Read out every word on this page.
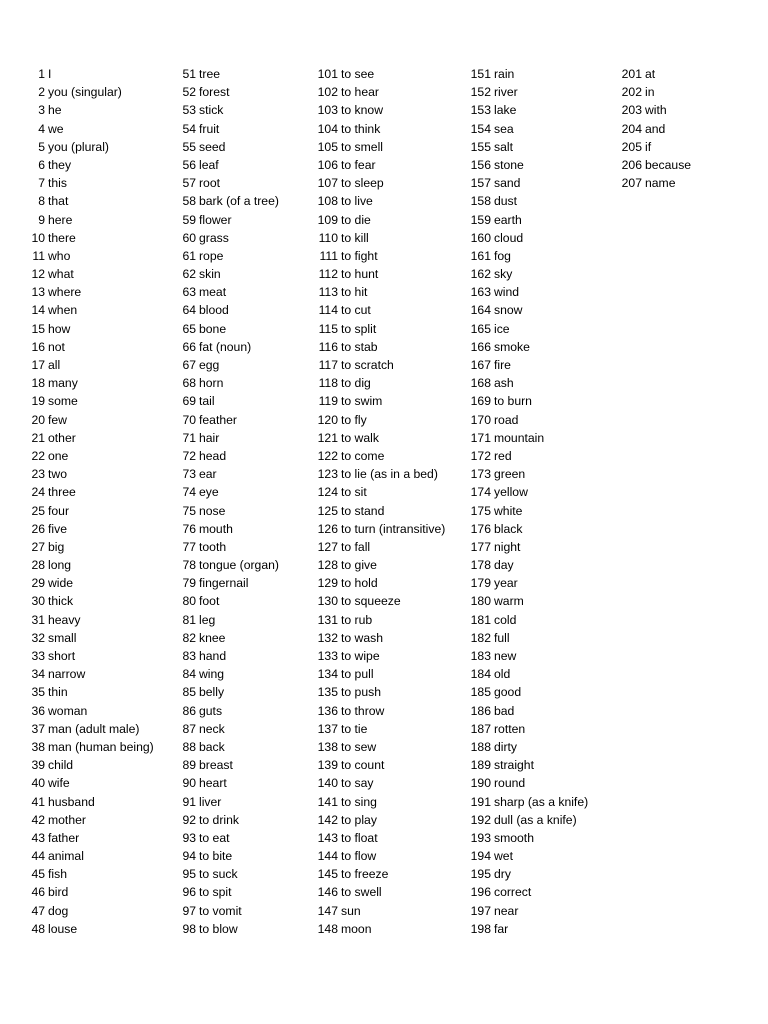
1 I
2 you (singular)
3 he
4 we
5 you (plural)
6 they
7 this
8 that
9 here
10 there
11 who
12 what
13 where
14 when
15 how
16 not
17 all
18 many
19 some
20 few
21 other
22 one
23 two
24 three
25 four
26 five
27 big
28 long
29 wide
30 thick
31 heavy
32 small
33 short
34 narrow
35 thin
36 woman
37 man (adult male)
38 man (human being)
39 child
40 wife
41 husband
42 mother
43 father
44 animal
45 fish
46 bird
47 dog
48 louse
51 tree
52 forest
53 stick
54 fruit
55 seed
56 leaf
57 root
58 bark (of a tree)
59 flower
60 grass
61 rope
62 skin
63 meat
64 blood
65 bone
66 fat (noun)
67 egg
68 horn
69 tail
70 feather
71 hair
72 head
73 ear
74 eye
75 nose
76 mouth
77 tooth
78 tongue (organ)
79 fingernail
80 foot
81 leg
82 knee
83 hand
84 wing
85 belly
86 guts
87 neck
88 back
89 breast
90 heart
91 liver
92 to drink
93 to eat
94 to bite
95 to suck
96 to spit
97 to vomit
98 to blow
101 to see
102 to hear
103 to know
104 to think
105 to smell
106 to fear
107 to sleep
108 to live
109 to die
110 to kill
111 to fight
112 to hunt
113 to hit
114 to cut
115 to split
116 to stab
117 to scratch
118 to dig
119 to swim
120 to fly
121 to walk
122 to come
123 to lie (as in a bed)
124 to sit
125 to stand
126 to turn (intransitive)
127 to fall
128 to give
129 to hold
130 to squeeze
131 to rub
132 to wash
133 to wipe
134 to pull
135 to push
136 to throw
137 to tie
138 to sew
139 to count
140 to say
141 to sing
142 to play
143 to float
144 to flow
145 to freeze
146 to swell
147 sun
148 moon
151 rain
152 river
153 lake
154 sea
155 salt
156 stone
157 sand
158 dust
159 earth
160 cloud
161 fog
162 sky
163 wind
164 snow
165 ice
166 smoke
167 fire
168 ash
169 to burn
170 road
171 mountain
172 red
173 green
174 yellow
175 white
176 black
177 night
178 day
179 year
180 warm
181 cold
182 full
183 new
184 old
185 good
186 bad
187 rotten
188 dirty
189 straight
190 round
191 sharp (as a knife)
192 dull (as a knife)
193 smooth
194 wet
195 dry
196 correct
197 near
198 far
201 at
202 in
203 with
204 and
205 if
206 because
207 name
